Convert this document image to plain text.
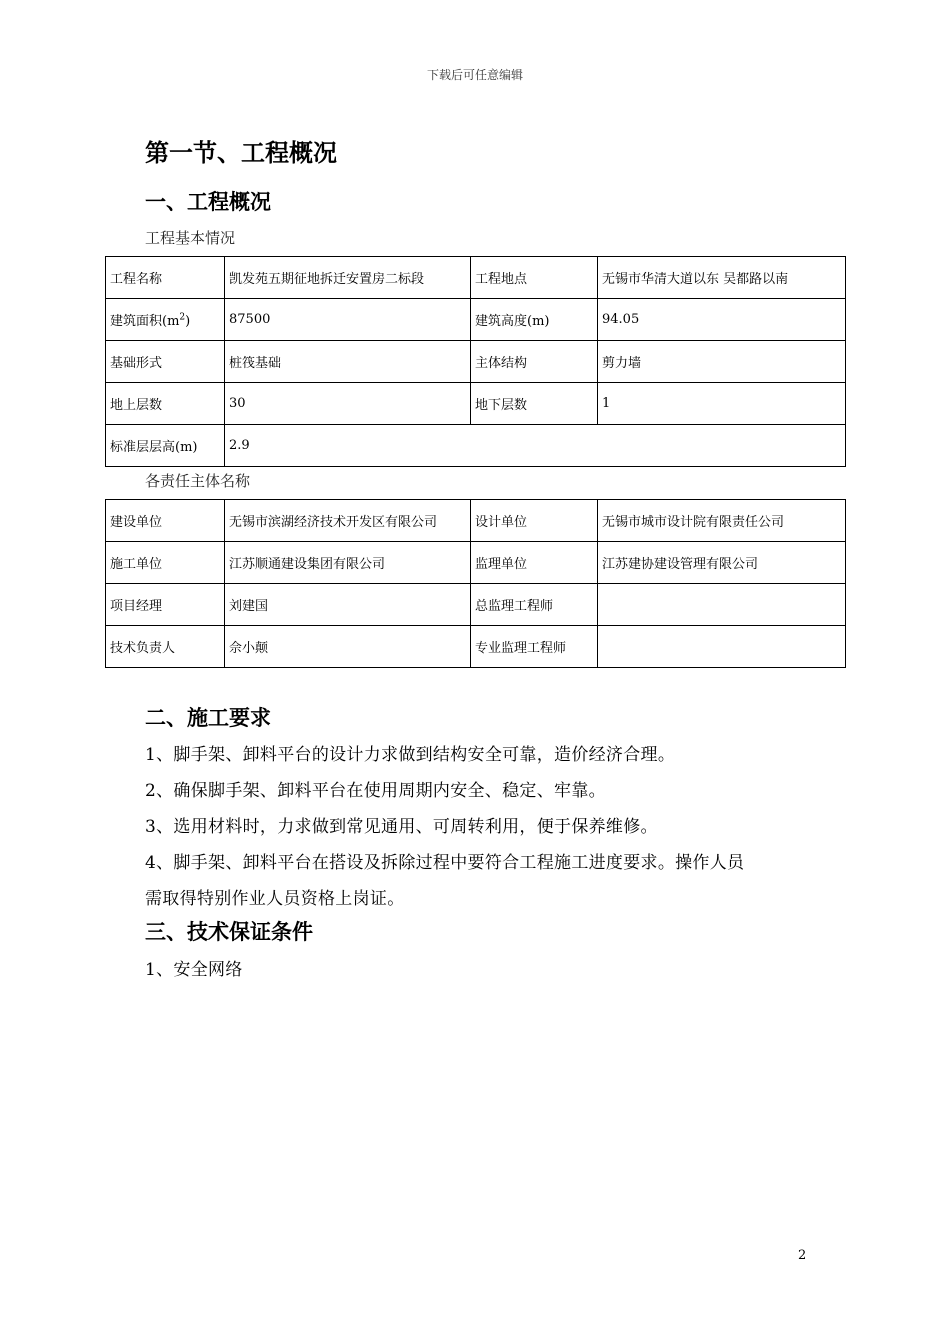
下载后可任意编辑
第一节、工程概况
一、工程概况
工程基本情况
工程名称	凯发苑五期征地拆迁安置房二标段	工程地点	无锡市华清大道以东 吴都路以南
建筑面积$(m^2)$	87500	建筑高度(m)	94.05
基础形式	桩筏基础	主体结构	剪力墙
地上层数	30	地下层数	1
标准层层高(m)	2.9		
各责任主体名称
建设单位	无锡市滨湖经济技术开发区有限公司	设计单位	无锡市城市设计院有限责任公司
施工单位	江苏顺通建设集团有限公司	监理单位	江苏建协建设管理有限公司
项目经理	刘建国	总监理工程师	
技术负责人	佘小颠	专业监理工程师	
二、施工要求
1、脚手架、卸料平台的设计力求做到结构安全可靠，造价经济合理。
2、确保脚手架、卸料平台在使用周期内安全、稳定、牢靠。
3、选用材料时，力求做到常见通用、可周转利用，便于保养维修。
4、脚手架、卸料平台在搭设及拆除过程中要符合工程施工进度要求。操作人员
需取得特别作业人员资格上岗证。
三、技术保证条件
1、安全网络
2
